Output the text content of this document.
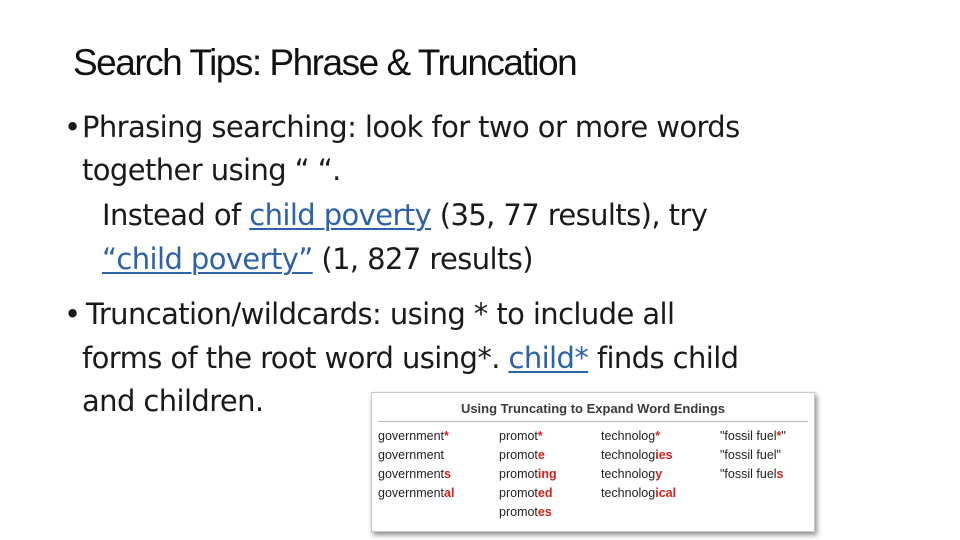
Search Tips: Phrase & Truncation
• Phrasing searching: look for two or more words
together using “ “.
Instead of child poverty (35, 77 results), try
“child poverty” (1, 827 results)
• Truncation/wildcards: using * to include all
forms of the root word using*. child* finds child
and children.	Using Truncating to Expand Word Endings
government*
government
governments
governmental
promot*
promote
promoting
promoted
promotes
technolog*
technologies
technology
technological
"fossil fuel*"
"fossil fuel"
"fossil fuels
